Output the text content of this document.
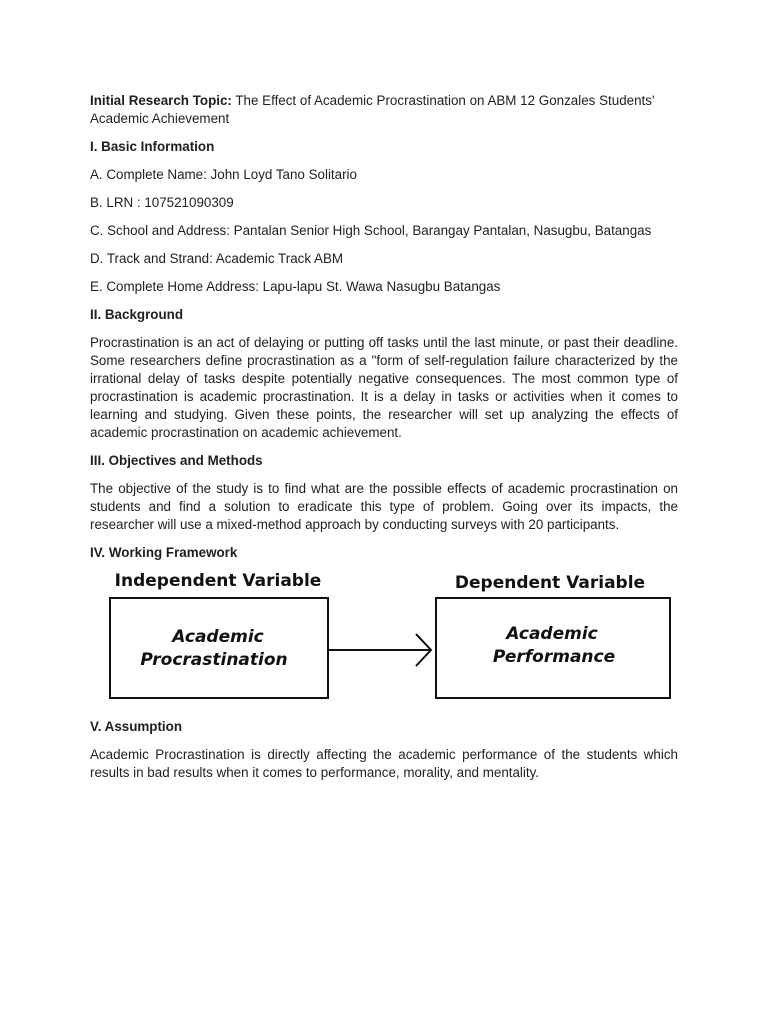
Initial Research Topic: The Effect of Academic Procrastination on ABM 12 Gonzales Students' Academic Achievement

I. Basic Information

A. Complete Name: John Loyd Tano Solitario

B. LRN : 107521090309

C. School and Address: Pantalan Senior High School, Barangay Pantalan, Nasugbu, Batangas

D. Track and Strand: Academic Track ABM

E. Complete Home Address: Lapu-lapu St. Wawa Nasugbu Batangas

II. Background

Procrastination is an act of delaying or putting off tasks until the last minute, or past their deadline. Some researchers define procrastination as a "form of self-regulation failure characterized by the irrational delay of tasks despite potentially negative consequences. The most common type of procrastination is academic procrastination. It is a delay in tasks or activities when it comes to learning and studying. Given these points, the researcher will set up analyzing the effects of academic procrastination on academic achievement.

III. Objectives and Methods

The objective of the study is to find what are the possible effects of academic procrastination on students and find a solution to eradicate this type of problem. Going over its impacts, the researcher will use a mixed-method approach by conducting surveys with 20 participants.

IV. Working Framework

Independent Variable	Dependent Variable
Academic
Procrastination
Academic
Performance

V. Assumption

Academic Procrastination is directly affecting the academic performance of the students which results in bad results when it comes to performance, morality, and mentality.
